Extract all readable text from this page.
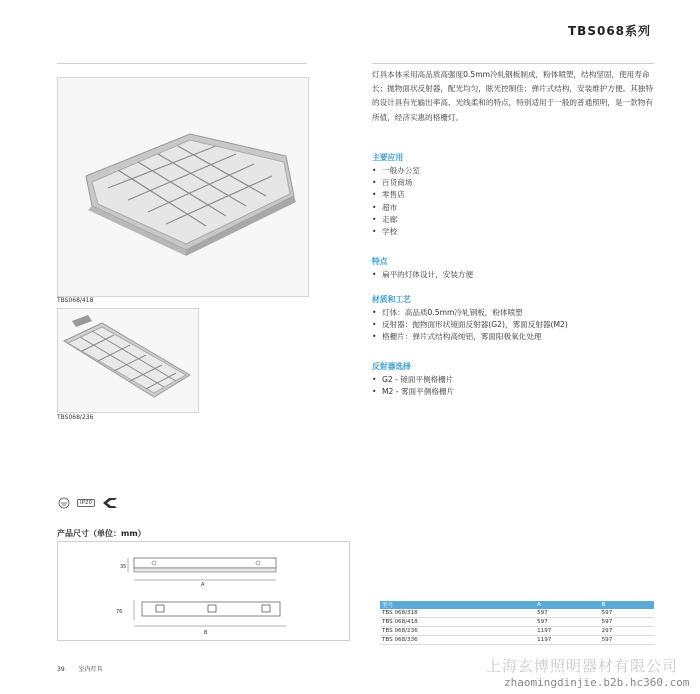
TBS068系列
TBS068/418
TBS068/236
灯具本体采用高品质高强度0.5mm冷轧钢板制成，粉体喷塑，结构坚固，使用寿命长；抛物面状反射器，配光均匀，眩光控制佳；弹片式结构，安装维护方便。其独特的设计具有光输出率高、光线柔和的特点，特别适用于一般的普通照明，是一款物有所值，经济实惠的格栅灯。
主要应用
• 一般办公室
• 百货商场
• 零售店
• 超市
• 走廊
• 学校
特点
• 扁平的灯体设计，安装方便
材质和工艺
• 灯体：高品质0.5mm冷轧钢板，粉体喷塑
• 反射器：抛物面形状镜面反射器(G2)，雾面反射器(M2)
• 格栅片：弹片式结构高纯铝，雾面阳极氧化处理
反射器选择
• G2 - 镜面平侧格栅片
• M2 - 雾面平侧格栅片
IP20
产品尺寸（单位：mm）
35
A
76
B
型号	A	B
TBS 068/318	597	597
TBS 068/418	597	597
TBS 068/236	1197	297
TBS 068/336	1197	597
39 室内灯具	上海玄博照明器材有限公司
zhaomingdinjie.b2b.hc360.com
